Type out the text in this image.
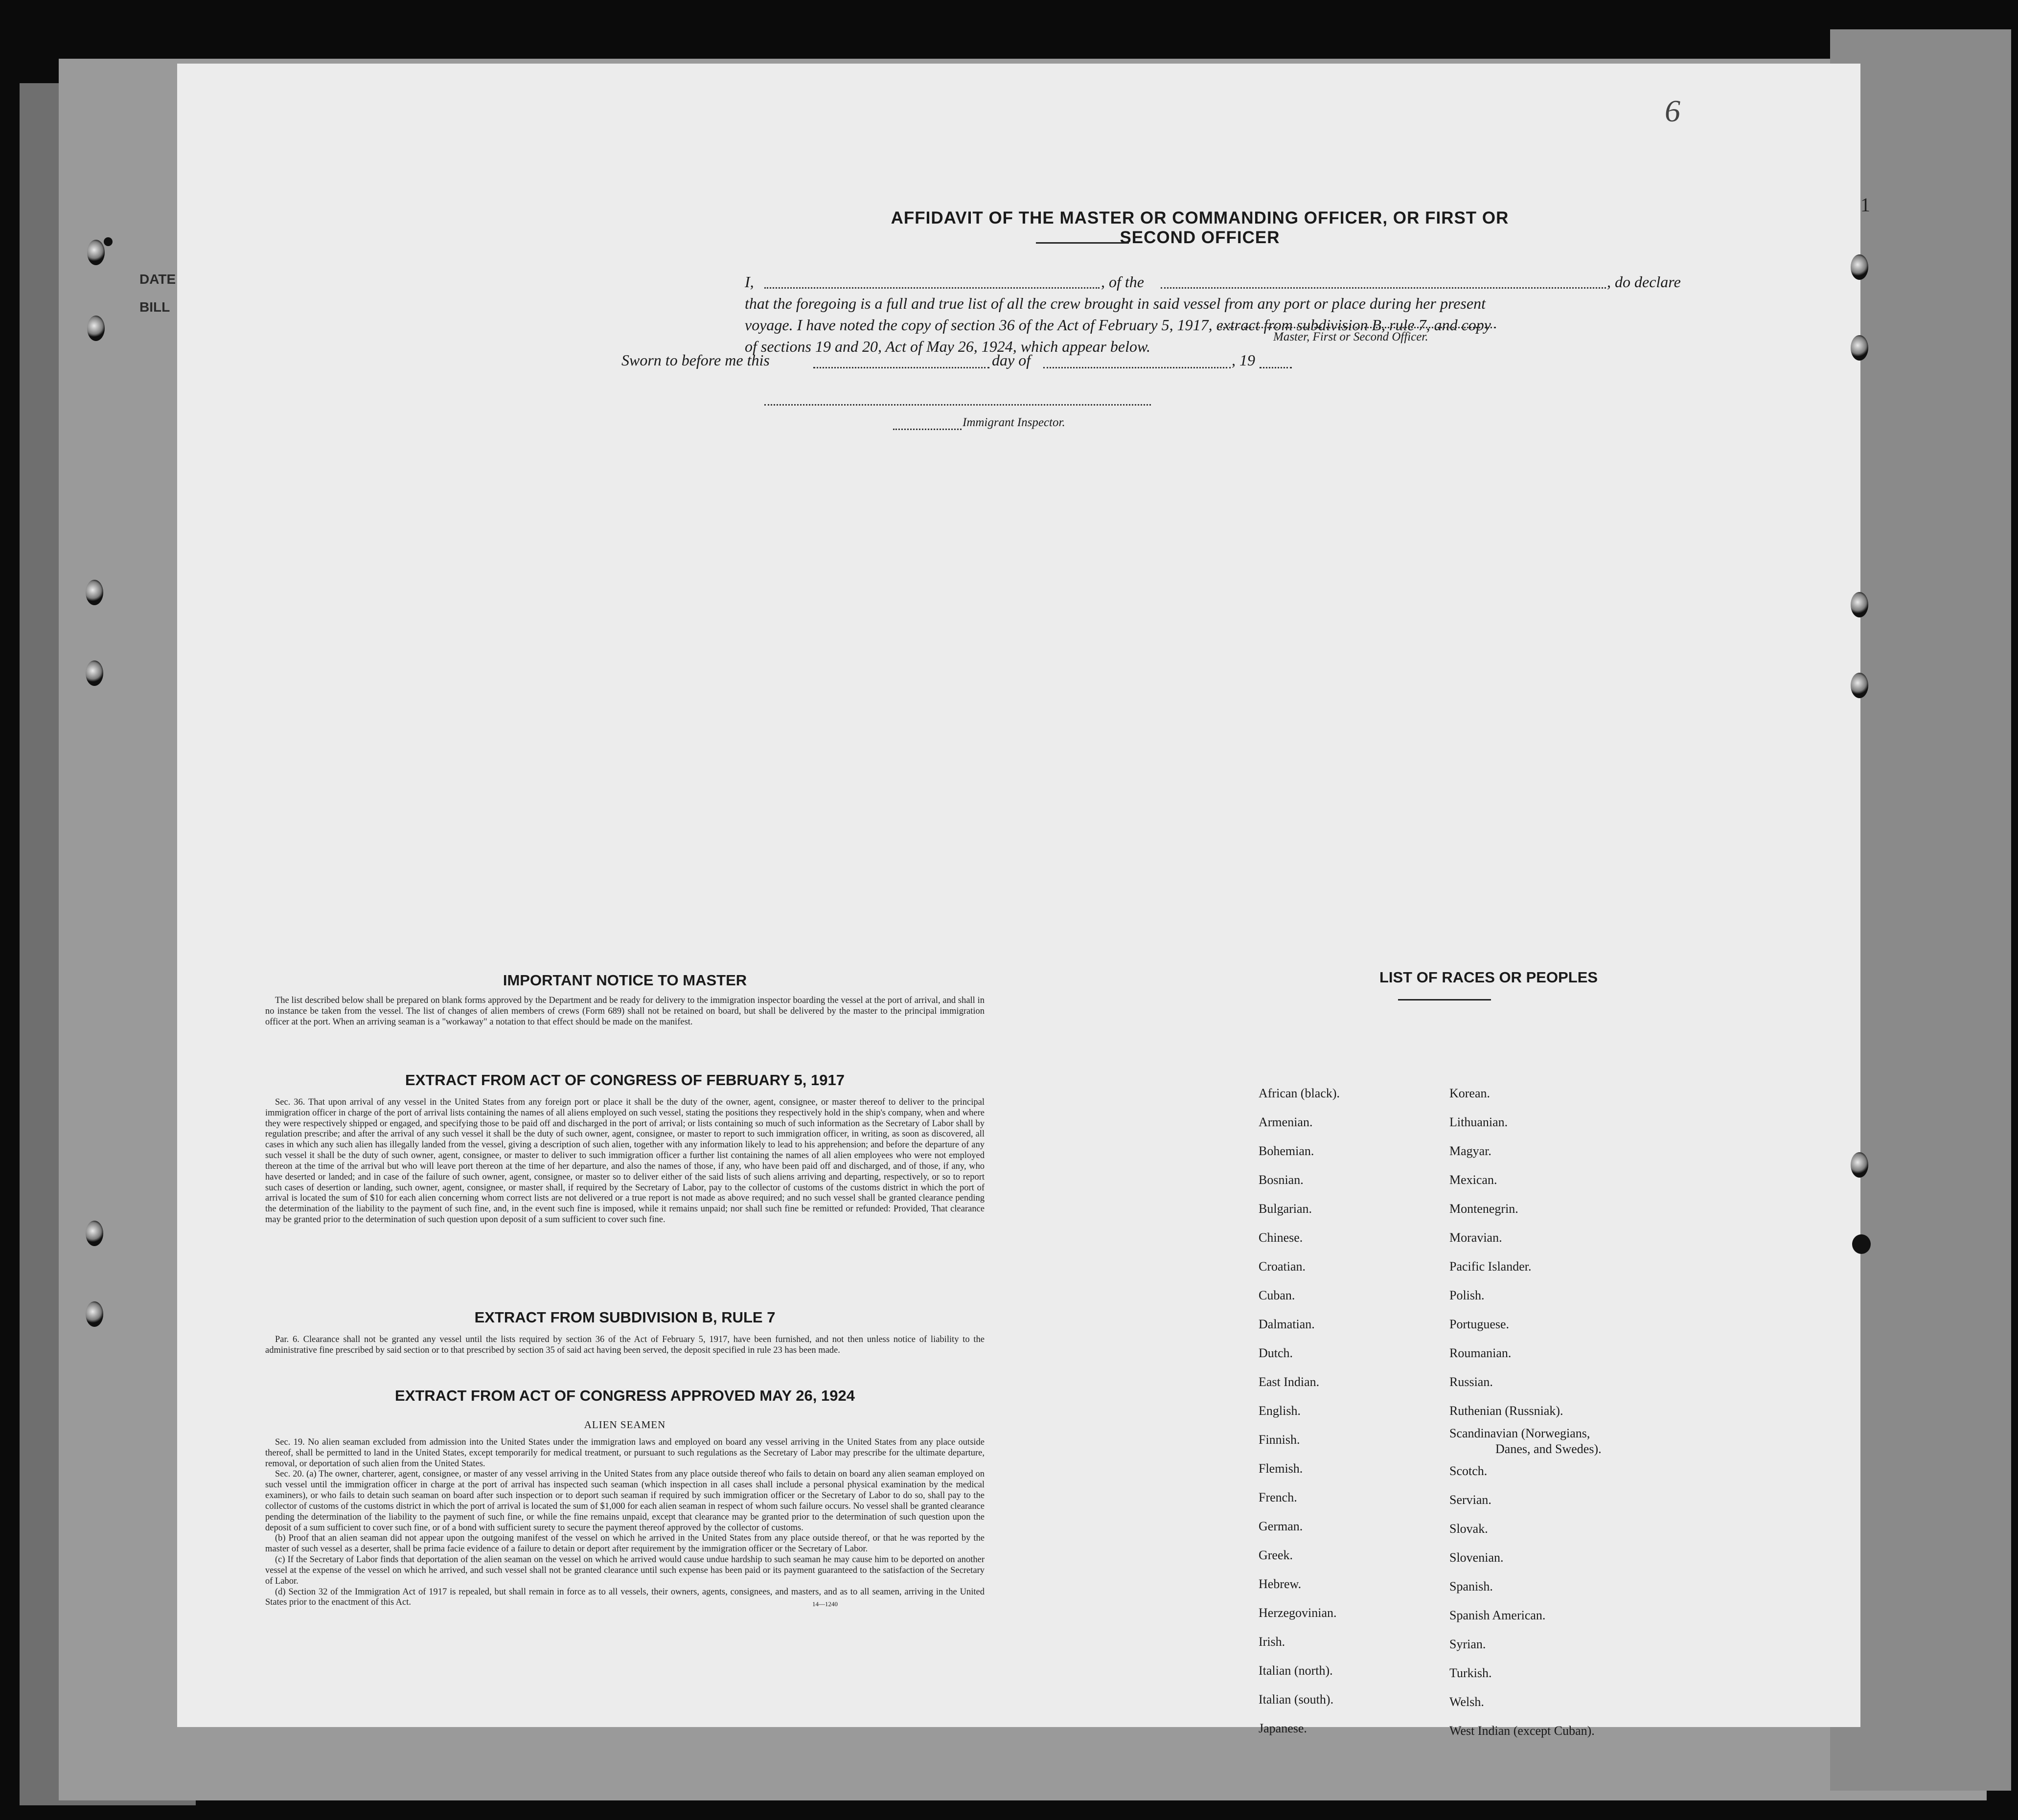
DATE
BILL
6
1
AFFIDAVIT OF THE MASTER OR COMMANDING OFFICER, OR FIRST OR SECOND OFFICER
I,	, of the	, do declare
that the foregoing is a full and true list of all the crew brought in said vessel from any port or place during her present
voyage. I have noted the copy of section 36 of the Act of February 5, 1917, extract from subdivision B, rule 7, and copy
of sections 19 and 20, Act of May 26, 1924, which appear below.
Master, First or Second Officer.
Sworn to before me this	day of	, 19
Immigrant Inspector.
IMPORTANT NOTICE TO MASTER
The list described below shall be prepared on blank forms approved by the Department and be ready for delivery to the immigration inspector boarding the vessel at the port of arrival, and shall in no instance be taken from the vessel. The list of changes of alien members of crews (Form 689) shall not be retained on board, but shall be delivered by the master to the principal immigration officer at the port. When an arriving seaman is a "workaway" a notation to that effect should be made on the manifest.
EXTRACT FROM ACT OF CONGRESS OF FEBRUARY 5, 1917
Sec. 36. That upon arrival of any vessel in the United States from any foreign port or place it shall be the duty of the owner, agent, consignee, or master thereof to deliver to the principal immigration officer in charge of the port of arrival lists containing the names of all aliens employed on such vessel, stating the positions they respectively hold in the ship's company, when and where they were respectively shipped or engaged, and specifying those to be paid off and discharged in the port of arrival; or lists containing so much of such information as the Secretary of Labor shall by regulation prescribe; and after the arrival of any such vessel it shall be the duty of such owner, agent, consignee, or master to report to such immigration officer, in writing, as soon as discovered, all cases in which any such alien has illegally landed from the vessel, giving a description of such alien, together with any information likely to lead to his apprehension; and before the departure of any such vessel it shall be the duty of such owner, agent, consignee, or master to deliver to such immigration officer a further list containing the names of all alien employees who were not employed thereon at the time of the arrival but who will leave port thereon at the time of her departure, and also the names of those, if any, who have been paid off and discharged, and of those, if any, who have deserted or landed; and in case of the failure of such owner, agent, consignee, or master so to deliver either of the said lists of such aliens arriving and departing, respectively, or so to report such cases of desertion or landing, such owner, agent, consignee, or master shall, if required by the Secretary of Labor, pay to the collector of customs of the customs district in which the port of arrival is located the sum of $10 for each alien concerning whom correct lists are not delivered or a true report is not made as above required; and no such vessel shall be granted clearance pending the determination of the liability to the payment of such fine, and, in the event such fine is imposed, while it remains unpaid; nor shall such fine be remitted or refunded: Provided, That clearance may be granted prior to the determination of such question upon deposit of a sum sufficient to cover such fine.
EXTRACT FROM SUBDIVISION B, RULE 7
Par. 6. Clearance shall not be granted any vessel until the lists required by section 36 of the Act of February 5, 1917, have been furnished, and not then unless notice of liability to the administrative fine prescribed by said section or to that prescribed by section 35 of said act having been served, the deposit specified in rule 23 has been made.
EXTRACT FROM ACT OF CONGRESS APPROVED MAY 26, 1924
ALIEN SEAMEN
Sec. 19. No alien seaman excluded from admission into the United States under the immigration laws and employed on board any vessel arriving in the United States from any place outside thereof, shall be permitted to land in the United States, except temporarily for medical treatment, or pursuant to such regulations as the Secretary of Labor may prescribe for the ultimate departure, removal, or deportation of such alien from the United States.
Sec. 20. (a) The owner, charterer, agent, consignee, or master of any vessel arriving in the United States from any place outside thereof who fails to detain on board any alien seaman employed on such vessel until the immigration officer in charge at the port of arrival has inspected such seaman (which inspection in all cases shall include a personal physical examination by the medical examiners), or who fails to detain such seaman on board after such inspection or to deport such seaman if required by such immigration officer or the Secretary of Labor to do so, shall pay to the collector of customs of the customs district in which the port of arrival is located the sum of $1,000 for each alien seaman in respect of whom such failure occurs. No vessel shall be granted clearance pending the determination of the liability to the payment of such fine, or while the fine remains unpaid, except that clearance may be granted prior to the determination of such question upon the deposit of a sum sufficient to cover such fine, or of a bond with sufficient surety to secure the payment thereof approved by the collector of customs.
(b) Proof that an alien seaman did not appear upon the outgoing manifest of the vessel on which he arrived in the United States from any place outside thereof, or that he was reported by the master of such vessel as a deserter, shall be prima facie evidence of a failure to detain or deport after requirement by the immigration officer or the Secretary of Labor.
(c) If the Secretary of Labor finds that deportation of the alien seaman on the vessel on which he arrived would cause undue hardship to such seaman he may cause him to be deported on another vessel at the expense of the vessel on which he arrived, and such vessel shall not be granted clearance until such expense has been paid or its payment guaranteed to the satisfaction of the Secretary of Labor.
(d) Section 32 of the Immigration Act of 1917 is repealed, but shall remain in force as to all vessels, their owners, agents, consignees, and masters, and as to all seamen, arriving in the United States prior to the enactment of this Act.	14—1240
LIST OF RACES OR PEOPLES
African (black).
Armenian.
Bohemian.
Bosnian.
Bulgarian.
Chinese.
Croatian.
Cuban.
Dalmatian.
Dutch.
East Indian.
English.
Finnish.
Flemish.
French.
German.
Greek.
Hebrew.
Herzegovinian.
Irish.
Italian (north).
Italian (south).
Japanese.
Korean.
Lithuanian.
Magyar.
Mexican.
Montenegrin.
Moravian.
Pacific Islander.
Polish.
Portuguese.
Roumanian.
Russian.
Ruthenian (Russniak).
Scandinavian (Norwegians,
Danes, and Swedes).
Scotch.
Servian.
Slovak.
Slovenian.
Spanish.
Spanish American.
Syrian.
Turkish.
Welsh.
West Indian (except Cuban).
